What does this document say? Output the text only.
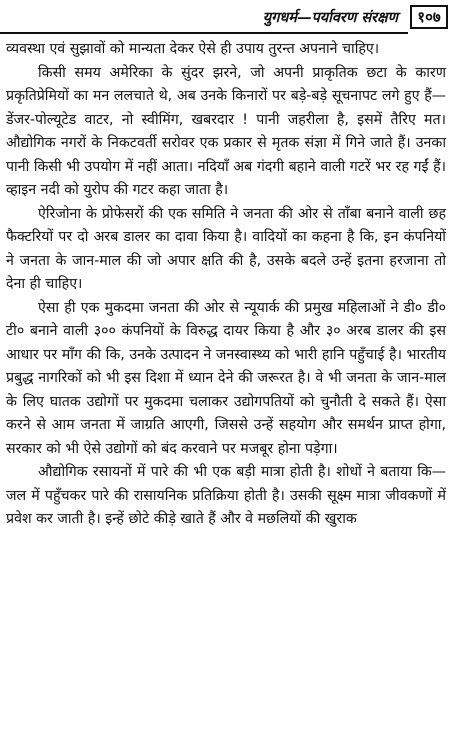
युगधर्म—पर्यावरण संरक्षण	१०७

व्यवस्था एवं सुझावों को मान्यता देकर ऐसे ही उपाय तुरन्त अपनाने चाहिए।

किसी समय अमेरिका के सुंदर झरने, जो अपनी प्राकृतिक छटा के कारण प्रकृतिप्रेमियों का मन ललचाते थे, अब उनके किनारों पर बड़े-बड़े सूचनापट लगे हुए हैं—डेंजर-पोल्यूटेड वाटर, नो स्वीमिंग, खबरदार ! पानी जहरीला है, इसमें तैरिए मत। औद्योगिक नगरों के निकटवर्ती सरोवर एक प्रकार से मृतक संज्ञा में गिने जाते हैं। उनका पानी किसी भी उपयोग में नहीं आता। नदियाँ अब गंदगी बहाने वाली गटरें भर रह गईं हैं। व्हाइन नदी को युरोप की गटर कहा जाता है।

ऐरिजोना के प्रोफेसरों की एक समिति ने जनता की ओर से ताँबा बनाने वाली छह फैक्टरियों पर दो अरब डालर का दावा किया है। वादियों का कहना है कि, इन कंपनियों ने जनता के जान-माल की जो अपार क्षति की है, उसके बदले उन्हें इतना हरजाना तो देना ही चाहिए।

ऐसा ही एक मुकदमा जनता की ओर से न्यूयार्क की प्रमुख महिलाओं ने डी० डी० टी० बनाने वाली ३०० कंपनियों के विरुद्ध दायर किया है और ३० अरब डालर की इस आधार पर माँग की कि, उनके उत्पादन ने जनस्वास्थ्य को भारी हानि पहुँचाई है। भारतीय प्रबुद्ध नागरिकों को भी इस दिशा में ध्यान देने की जरूरत है। वे भी जनता के जान-माल के लिए घातक उद्योगों पर मुकदमा चलाकर उद्योगपतियों को चुनौती दे सकते हैं। ऐसा करने से आम जनता में जाग्रति आएगी, जिससे उन्हें सहयोग और समर्थन प्राप्त होगा, सरकार को भी ऐसे उद्योगों को बंद करवाने पर मजबूर होना पड़ेगा।

औद्योगिक रसायनों में पारे की भी एक बड़ी मात्रा होती है। शोधों ने बताया कि—जल में पहुँचकर पारे की रासायनिक प्रतिक्रिया होती है। उसकी सूक्ष्म मात्रा जीवकणों में प्रवेश कर जाती है। इन्हें छोटे कीड़े खाते हैं और वे मछलियों की खुराक
